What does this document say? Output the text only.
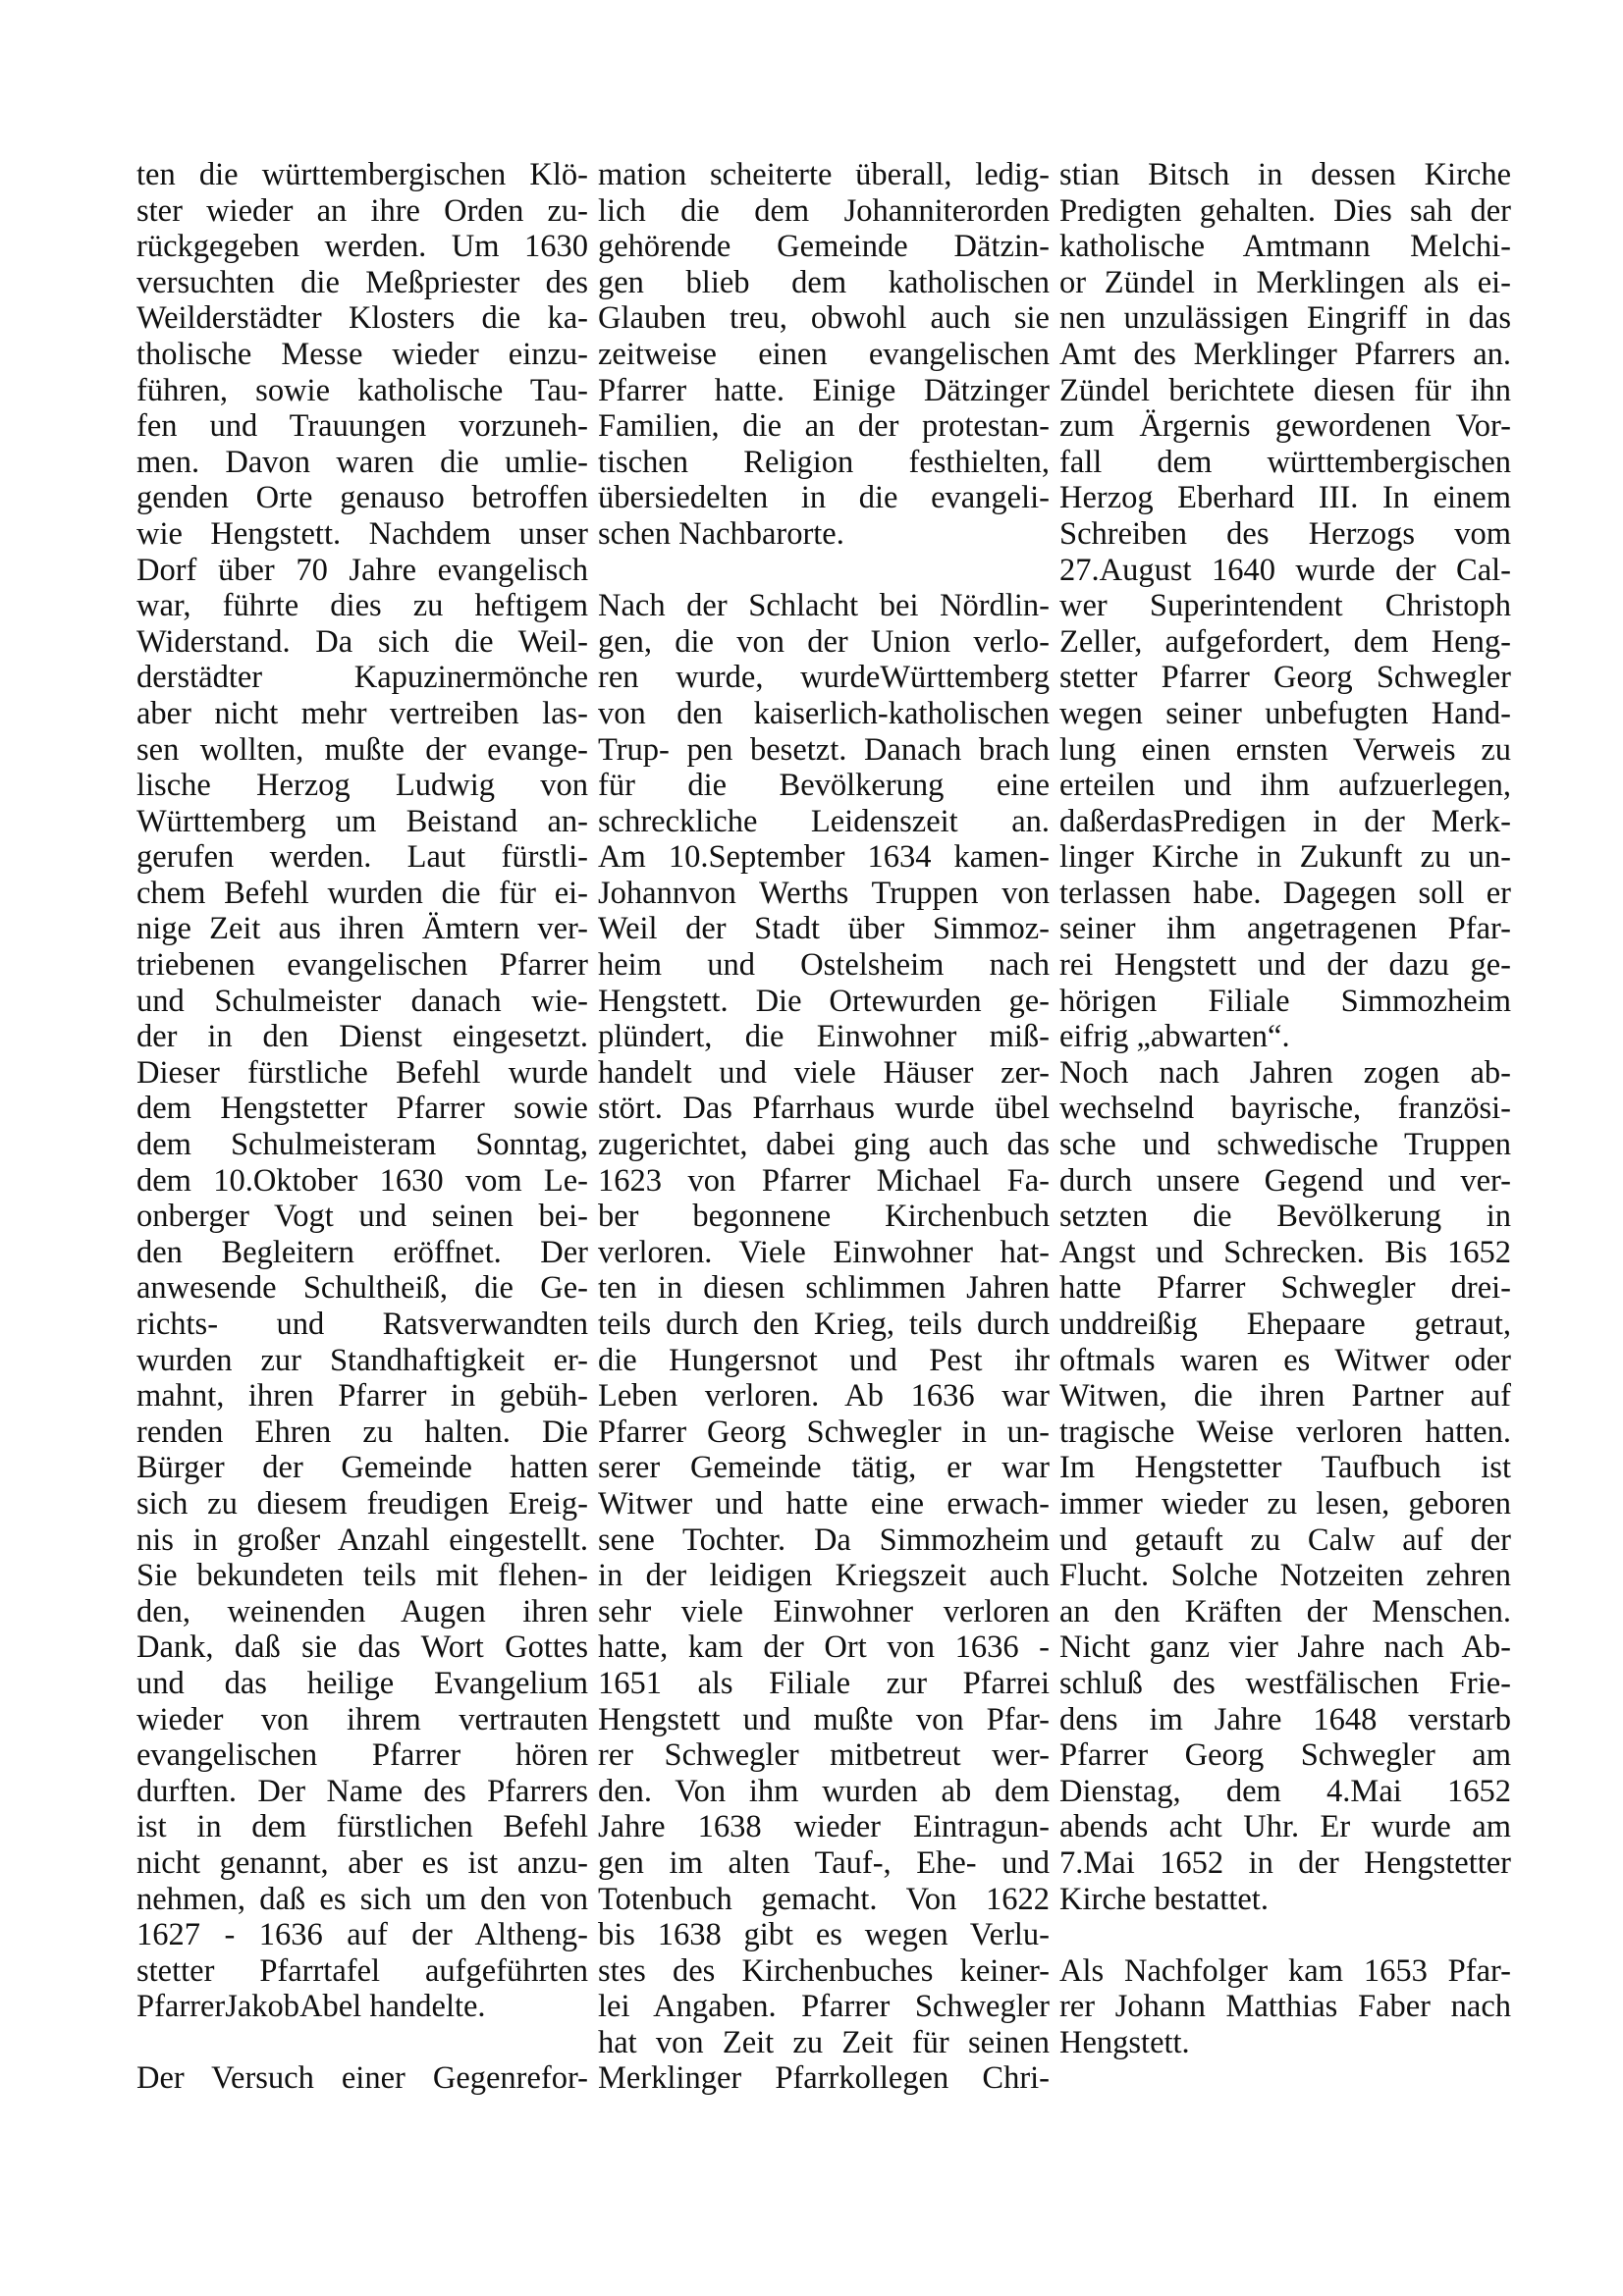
ten die württembergischen Klö-
ster wieder an ihre Orden zu-
rückgegeben werden. Um 1630
versuchten die Meßpriester des
Weilderstädter Klosters die ka-
tholische Messe wieder einzu-
führen, sowie katholische Tau-
fen und Trauungen vorzuneh-
men. Davon waren die umlie-
genden Orte genauso betroffen
wie Hengstett. Nachdem unser
Dorf über 70 Jahre evangelisch
war, führte dies zu heftigem
Widerstand. Da sich die Weil-
derstädter Kapuzinermönche
aber nicht mehr vertreiben las-
sen wollten, mußte der evange-
lische Herzog Ludwig von
Württemberg um Beistand an-
gerufen werden. Laut fürstli-
chem Befehl wurden die für ei-
nige Zeit aus ihren Ämtern ver-
triebenen evangelischen Pfarrer
und Schulmeister danach wie-
der in den Dienst eingesetzt.
Dieser fürstliche Befehl wurde
dem Hengstetter Pfarrer sowie
dem Schulmeisteram Sonntag,
dem 10.Oktober 1630 vom Le-
onberger Vogt und seinen bei-
den Begleitern eröffnet. Der
anwesende Schultheiß, die Ge-
richts- und Ratsverwandten
wurden zur Standhaftigkeit er-
mahnt, ihren Pfarrer in gebüh-
renden Ehren zu halten. Die
Bürger der Gemeinde hatten
sich zu diesem freudigen Ereig-
nis in großer Anzahl eingestellt.
Sie bekundeten teils mit flehen-
den, weinenden Augen ihren
Dank, daß sie das Wort Gottes
und das heilige Evangelium
wieder von ihrem vertrauten
evangelischen Pfarrer hören
durften. Der Name des Pfarrers
ist in dem fürstlichen Befehl
nicht genannt, aber es ist anzu-
nehmen, daß es sich um den von
1627 - 1636 auf der Altheng-
stetter Pfarrtafel aufgeführten
PfarrerJakobAbel handelte.
Der Versuch einer Gegenrefor-
mation scheiterte überall, ledig-
lich die dem Johanniterorden
gehörende Gemeinde Dätzin-
gen blieb dem katholischen
Glauben treu, obwohl auch sie
zeitweise einen evangelischen
Pfarrer hatte. Einige Dätzinger
Familien, die an der protestan-
tischen Religion festhielten,
übersiedelten in die evangeli-
schen Nachbarorte.
Nach der Schlacht bei Nördlin-
gen, die von der Union verlo-
ren wurde, wurdeWürttemberg
von den kaiserlich-katholischen
Trup- pen besetzt. Danach brach
für die Bevölkerung eine
schreckliche Leidenszeit an.
Am 10.September 1634 kamen-
Johannvon Werths Truppen von
Weil der Stadt über Simmoz-
heim und Ostelsheim nach
Hengstett. Die Ortewurden ge-
plündert, die Einwohner miß-
handelt und viele Häuser zer-
stört. Das Pfarrhaus wurde übel
zugerichtet, dabei ging auch das
1623 von Pfarrer Michael Fa-
ber begonnene Kirchenbuch
verloren. Viele Einwohner hat-
ten in diesen schlimmen Jahren
teils durch den Krieg, teils durch
die Hungersnot und Pest ihr
Leben verloren. Ab 1636 war
Pfarrer Georg Schwegler in un-
serer Gemeinde tätig, er war
Witwer und hatte eine erwach-
sene Tochter. Da Simmozheim
in der leidigen Kriegszeit auch
sehr viele Einwohner verloren
hatte, kam der Ort von 1636 -
1651 als Filiale zur Pfarrei
Hengstett und mußte von Pfar-
rer Schwegler mitbetreut wer-
den. Von ihm wurden ab dem
Jahre 1638 wieder Eintragun-
gen im alten Tauf-, Ehe- und
Totenbuch gemacht. Von 1622
bis 1638 gibt es wegen Verlu-
stes des Kirchenbuches keiner-
lei Angaben. Pfarrer Schwegler
hat von Zeit zu Zeit für seinen
Merklinger Pfarrkollegen Chri-
stian Bitsch in dessen Kirche
Predigten gehalten. Dies sah der
katholische Amtmann Melchi-
or Zündel in Merklingen als ei-
nen unzulässigen Eingriff in das
Amt des Merklinger Pfarrers an.
Zündel berichtete diesen für ihn
zum Ärgernis gewordenen Vor-
fall dem württembergischen
Herzog Eberhard III. In einem
Schreiben des Herzogs vom
27.August 1640 wurde der Cal-
wer Superintendent Christoph
Zeller, aufgefordert, dem Heng-
stetter Pfarrer Georg Schwegler
wegen seiner unbefugten Hand-
lung einen ernsten Verweis zu
erteilen und ihm aufzuerlegen,
daßerdasPredigen in der Merk-
linger Kirche in Zukunft zu un-
terlassen habe. Dagegen soll er
seiner ihm angetragenen Pfar-
rei Hengstett und der dazu ge-
hörigen Filiale Simmozheim
eifrig „abwarten“.
Noch nach Jahren zogen ab-
wechselnd bayrische, französi-
sche und schwedische Truppen
durch unsere Gegend und ver-
setzten die Bevölkerung in
Angst und Schrecken. Bis 1652
hatte Pfarrer Schwegler drei-
unddreißig Ehepaare getraut,
oftmals waren es Witwer oder
Witwen, die ihren Partner auf
tragische Weise verloren hatten.
Im Hengstetter Taufbuch ist
immer wieder zu lesen, geboren
und getauft zu Calw auf der
Flucht. Solche Notzeiten zehren
an den Kräften der Menschen.
Nicht ganz vier Jahre nach Ab-
schluß des westfälischen Frie-
dens im Jahre 1648 verstarb
Pfarrer Georg Schwegler am
Dienstag, dem 4.Mai 1652
abends acht Uhr. Er wurde am
7.Mai 1652 in der Hengstetter
Kirche bestattet.
Als Nachfolger kam 1653 Pfar-
rer Johann Matthias Faber nach
Hengstett.
